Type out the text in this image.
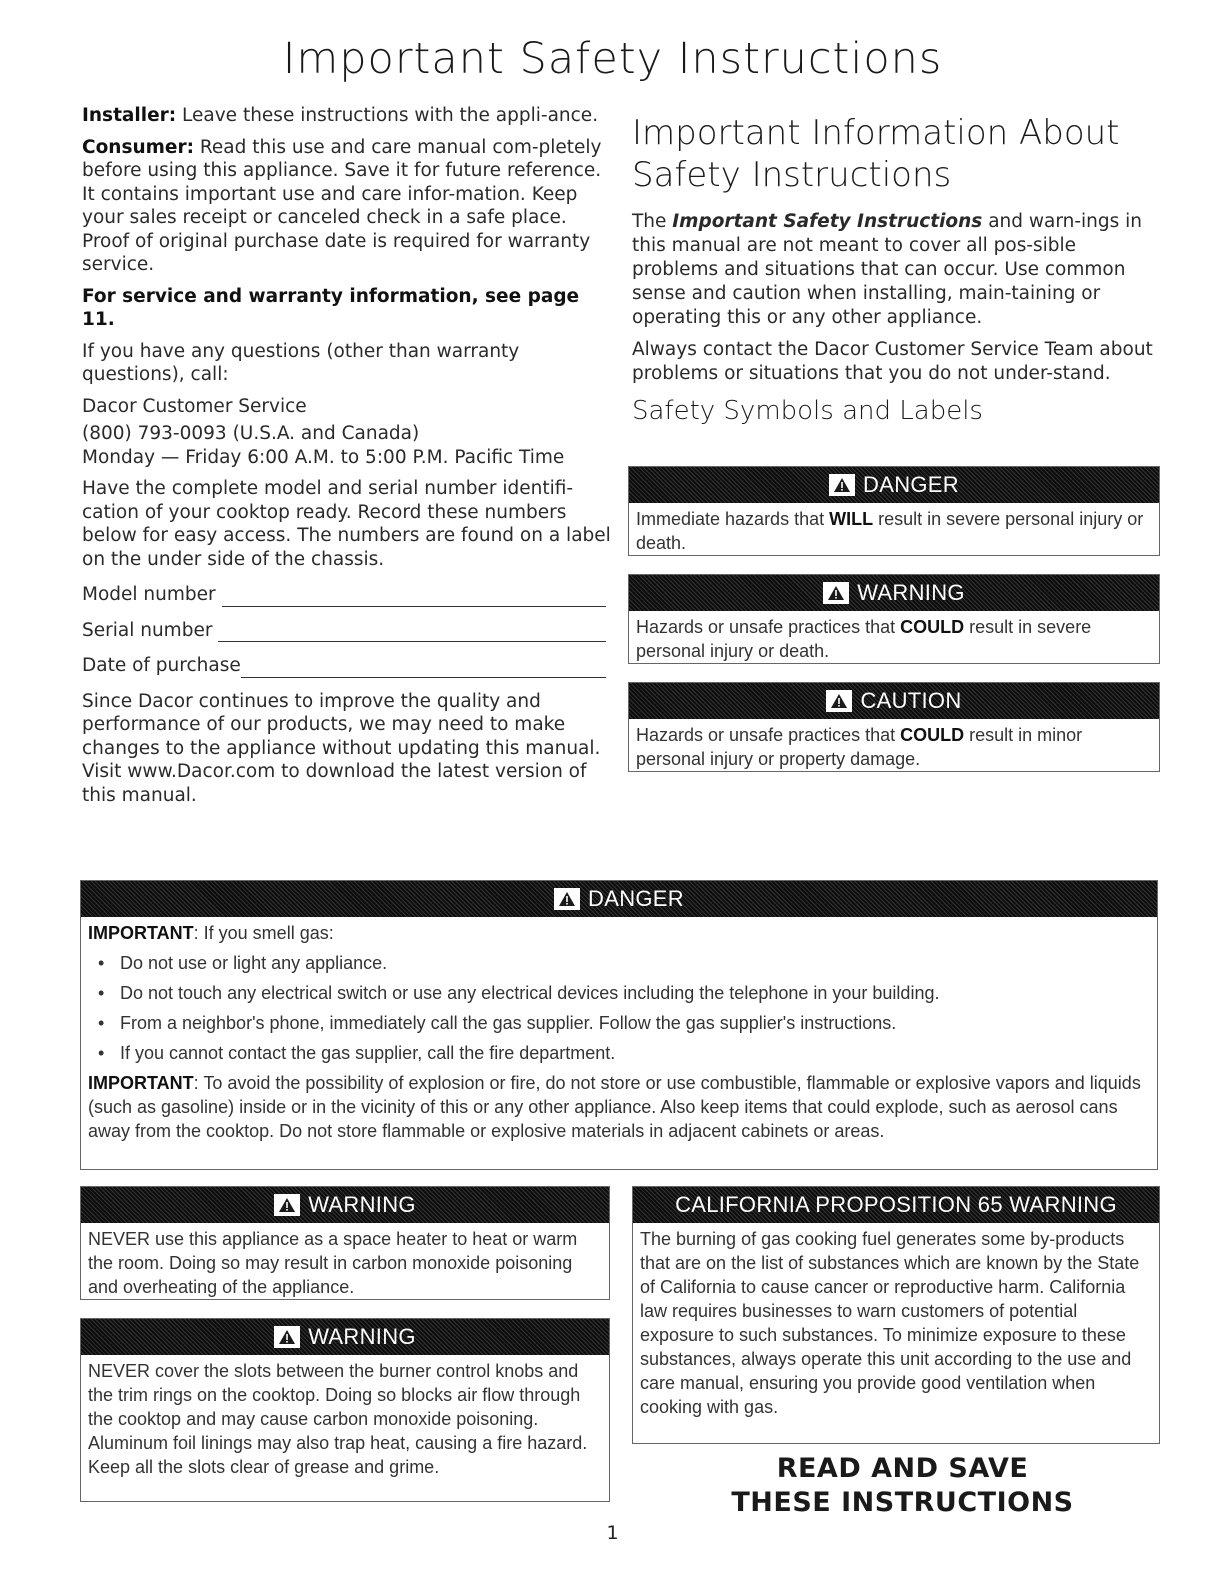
Important Safety Instructions

Installer: Leave these instructions with the appli-ance.

Consumer: Read this use and care manual com-pletely before using this appliance. Save it for future reference. It contains important use and care infor-mation. Keep your sales receipt or canceled check in a safe place. Proof of original purchase date is required for warranty service.

For service and warranty information, see page 11.

If you have any questions (other than warranty questions), call:

Dacor Customer Service

(800) 793-0093 (U.S.A. and Canada)

Monday — Friday 6:00 A.M. to 5:00 P.M. Pacific Time

Have the complete model and serial number identifi-cation of your cooktop ready. Record these numbers below for easy access. The numbers are found on a label on the under side of the chassis.

Model number
Serial number
Date of purchase

Since Dacor continues to improve the quality and performance of our products, we may need to make changes to the appliance without updating this manual. Visit www.Dacor.com to download the latest version of this manual.

Important Information About Safety Instructions

The Important Safety Instructions and warn-ings in this manual are not meant to cover all pos-sible problems and situations that can occur. Use common sense and caution when installing, main-taining or operating this or any other appliance.

Always contact the Dacor Customer Service Team about problems or situations that you do not under-stand.

Safety Symbols and Labels
DANGER
Immediate hazards that WILL result in severe personal injury or death.
WARNING
Hazards or unsafe practices that COULD result in severe personal injury or death.
CAUTION
Hazards or unsafe practices that COULD result in minor personal injury or property damage.
DANGER
IMPORTANT: If you smell gas:
• Do not use or light any appliance.
• Do not touch any electrical switch or use any electrical devices including the telephone in your building.
• From a neighbor's phone, immediately call the gas supplier. Follow the gas supplier's instructions.
• If you cannot contact the gas supplier, call the fire department.
IMPORTANT: To avoid the possibility of explosion or fire, do not store or use combustible, flammable or explosive vapors and liquids (such as gasoline) inside or in the vicinity of this or any other appliance. Also keep items that could explode, such as aerosol cans away from the cooktop. Do not store flammable or explosive materials in adjacent cabinets or areas.
WARNING
NEVER use this appliance as a space heater to heat or warm the room. Doing so may result in carbon monoxide poisoning and overheating of the appliance.
WARNING
NEVER cover the slots between the burner control knobs and the trim rings on the cooktop. Doing so blocks air flow through the cooktop and may cause carbon monoxide poisoning. Aluminum foil linings may also trap heat, causing a fire hazard. Keep all the slots clear of grease and grime.
CALIFORNIA PROPOSITION 65 WARNING
The burning of gas cooking fuel generates some by-products that are on the list of substances which are known by the State of California to cause cancer or reproductive harm. California law requires businesses to warn customers of potential exposure to such substances. To minimize exposure to these substances, always operate this unit according to the use and care manual, ensuring you provide good ventilation when cooking with gas.
READ AND SAVE
THESE INSTRUCTIONS
1
